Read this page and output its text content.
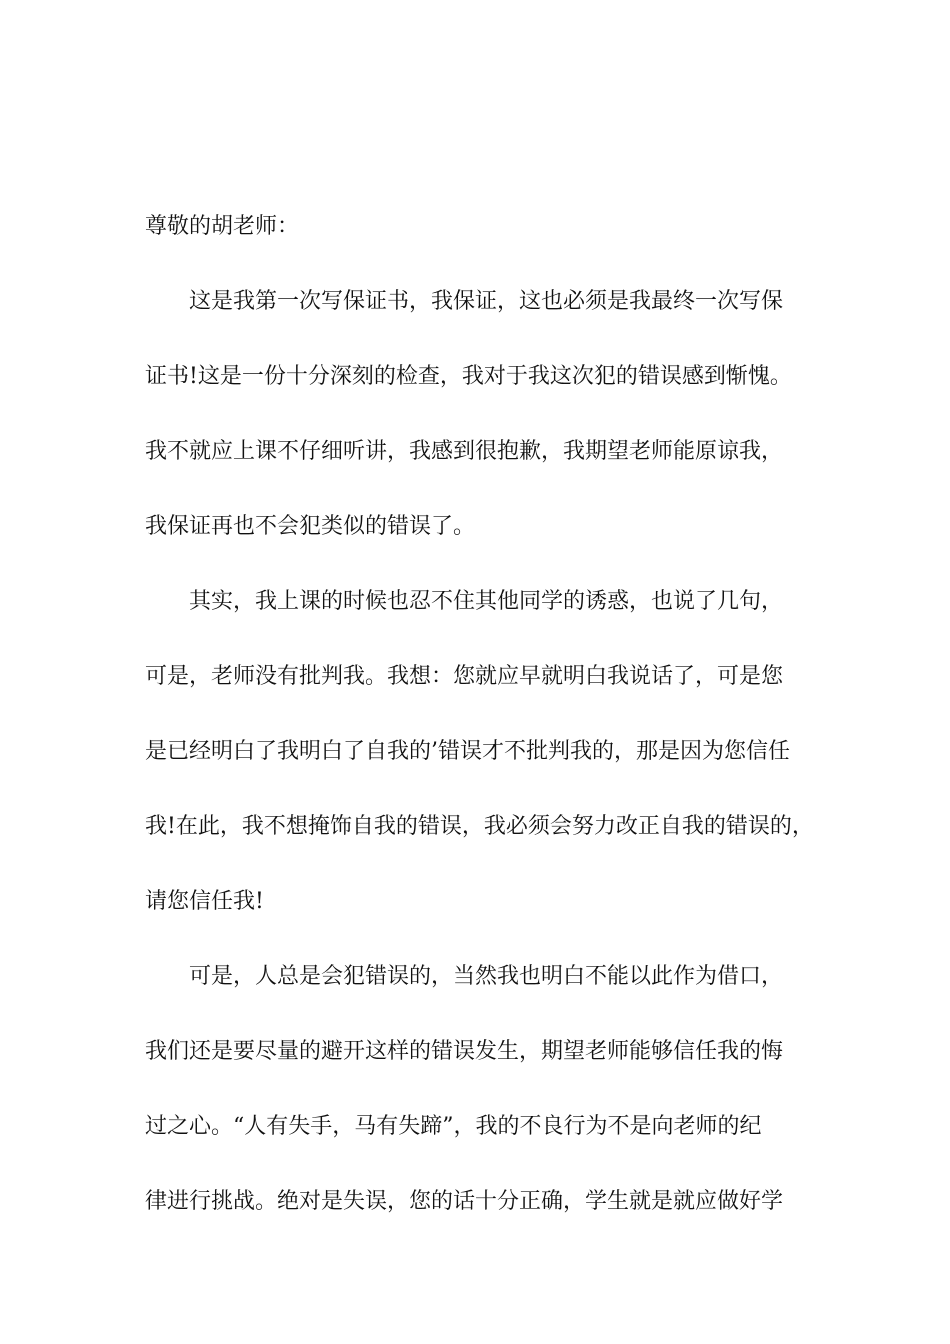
尊敬的胡老师：
这是我第一次写保证书，我保证，这也必须是我最终一次写保
证书!这是一份十分深刻的检查，我对于我这次犯的错误感到惭愧。
我不就应上课不仔细听讲，我感到很抱歉，我期望老师能原谅我，
我保证再也不会犯类似的错误了。
其实，我上课的时候也忍不住其他同学的诱惑，也说了几句，
可是，老师没有批判我。我想：您就应早就明白我说话了，可是您
是已经明白了我明白了自我的’错误才不批判我的，那是因为您信任
我!在此，我不想掩饰自我的错误，我必须会努力改正自我的错误的，
请您信任我!
可是，人总是会犯错误的，当然我也明白不能以此作为借口，
我们还是要尽量的避开这样的错误发生，期望老师能够信任我的悔
过之心。“人有失手，马有失蹄”，我的不良行为不是向老师的纪
律进行挑战。绝对是失误，您的话十分正确，学生就是就应做好学
